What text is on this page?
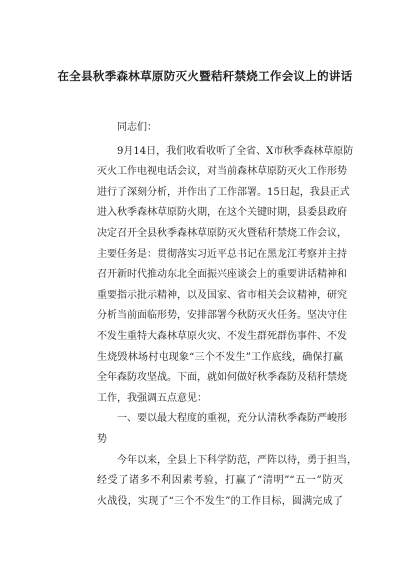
在全县秋季森林草原防灭火暨秸秆禁烧工作会议上的讲话
同志们：
9月14日，我们收看收听了全省、X市秋季森林草原防
灭火工作电视电话会议，对当前森林草原防灭火工作形势
进行了深刻分析，并作出了工作部署。15日起，我县正式
进入秋季森林草原防火期，在这个关键时期，县委县政府
决定召开全县秋季森林草原防灭火暨秸秆禁烧工作会议，
主要任务是：贯彻落实习近平总书记在黑龙江考察并主持
召开新时代推动东北全面振兴座谈会上的重要讲话精神和
重要指示批示精神，以及国家、省市相关会议精神，研究
分析当前面临形势，安排部署今秋防灭火任务。坚决守住
不发生重特大森林草原火灾、不发生群死群伤事件、不发
生烧毁林场村屯现象“三个不发生”工作底线，确保打赢
全年森防攻坚战。下面，就如何做好秋季森防及秸秆禁烧
工作，我强调五点意见：
一、要以最大程度的重视，充分认清秋季森防严峻形
势
今年以来，全县上下科学防范，严阵以待，勇于担当，
经受了诸多不利因素考验，打赢了“清明”“五一”防灭
火战役，实现了“三个不发生”的工作目标，圆满完成了
